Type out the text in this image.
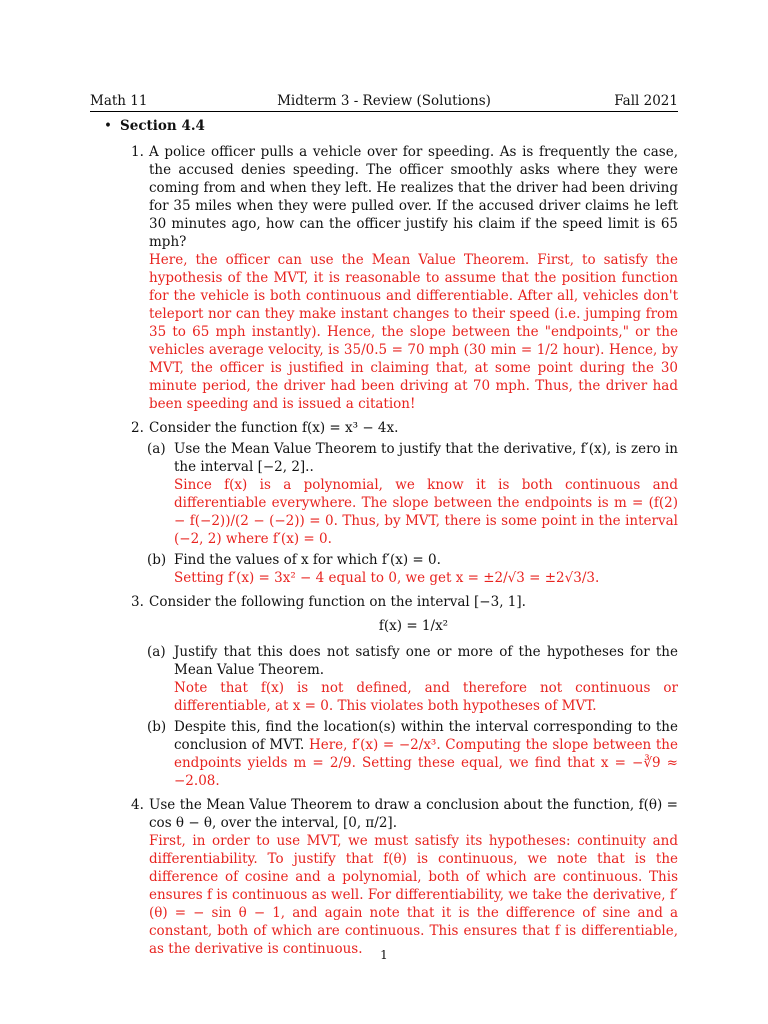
Math 11	Midterm 3 - Review (Solutions)	Fall 2021
• Section 4.4
1. A police officer pulls a vehicle over for speeding. As is frequently the case, the accused denies speeding. The officer smoothly asks where they were coming from and when they left. He realizes that the driver had been driving for 35 miles when they were pulled over. If the accused driver claims he left 30 minutes ago, how can the officer justify his claim if the speed limit is 65 mph?
Here, the officer can use the Mean Value Theorem. First, to satisfy the hypothesis of the MVT, it is reasonable to assume that the position function for the vehicle is both continuous and differentiable. After all, vehicles don't teleport nor can they make instant changes to their speed (i.e. jumping from 35 to 65 mph instantly). Hence, the slope between the "endpoints," or the vehicles average velocity, is 35/0.5 = 70 mph (30 min = 1/2 hour). Hence, by MVT, the officer is justified in claiming that, at some point during the 30 minute period, the driver had been driving at 70 mph. Thus, the driver had been speeding and is issued a citation!
2. Consider the function f(x) = x³ − 4x.
(a) Use the Mean Value Theorem to justify that the derivative, f′(x), is zero in the interval [−2, 2]..
Since f(x) is a polynomial, we know it is both continuous and differentiable everywhere. The slope between the endpoints is m = (f(2) − f(−2))/(2 − (−2)) = 0. Thus, by MVT, there is some point in the interval (−2, 2) where f′(x) = 0.
(b) Find the values of x for which f′(x) = 0.
Setting f′(x) = 3x² − 4 equal to 0, we get x = ±2/√3 = ±2√3/3.
3. Consider the following function on the interval [−3, 1].
f(x) = 1/x²
(a) Justify that this does not satisfy one or more of the hypotheses for the Mean Value Theorem.
Note that f(x) is not defined, and therefore not continuous or differentiable, at x = 0. This violates both hypotheses of MVT.
(b) Despite this, find the location(s) within the interval corresponding to the conclusion of MVT. Here, f′(x) = −2/x³. Computing the slope between the endpoints yields m = 2/9. Setting these equal, we find that x = −∛9 ≈ −2.08.
4. Use the Mean Value Theorem to draw a conclusion about the function, f(θ) = cos θ − θ, over the interval, [0, π/2].
First, in order to use MVT, we must satisfy its hypotheses: continuity and differentiability. To justify that f(θ) is continuous, we note that is the difference of cosine and a polynomial, both of which are continuous. This ensures f is continuous as well. For differentiability, we take the derivative, f′(θ) = − sin θ − 1, and again note that it is the difference of sine and a constant, both of which are continuous. This ensures that f is differentiable, as the derivative is continuous.	1
